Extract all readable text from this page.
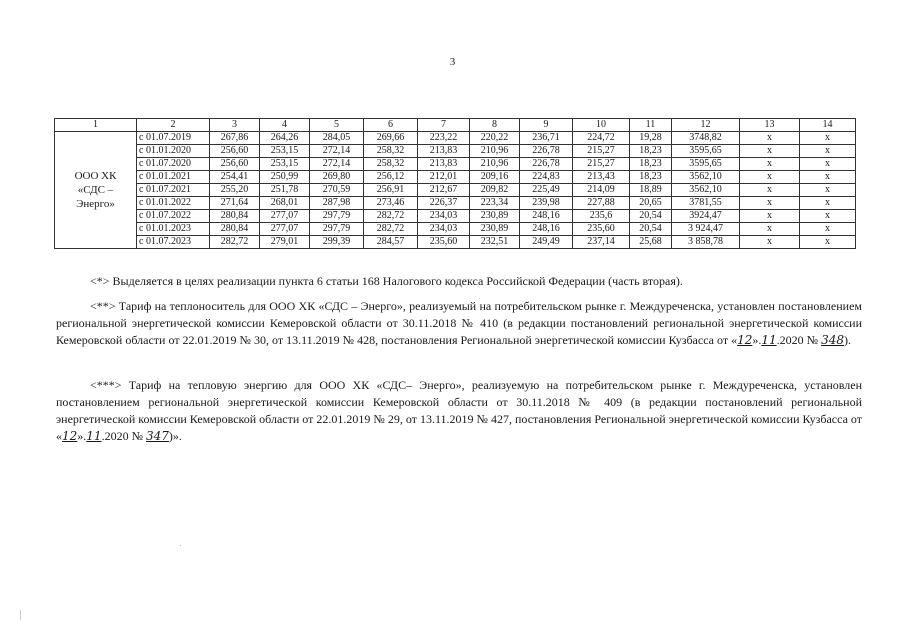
3
1	2	3	4	5	6	7	8	9	10	11	12	13	14

ООО ХК
«СДС –
Энерго»	с 01.07.2019	267,86	264,26	284,05	269,66	223,22	220,22	236,71	224,72	19,28	3748,82	х	х
	с 01.01.2020	256,60	253,15	272,14	258,32	213,83	210,96	226,78	215,27	18,23	3595,65	х	х
	с 01.07.2020	256,60	253,15	272,14	258,32	213,83	210,96	226,78	215,27	18,23	3595,65	х	х
	с 01.01.2021	254,41	250,99	269,80	256,12	212,01	209,16	224,83	213,43	18,23	3562,10	х	х
	с 01.07.2021	255,20	251,78	270,59	256,91	212,67	209,82	225,49	214,09	18,89	3562,10	х	х
	с 01.01.2022	271,64	268,01	287,98	273,46	226,37	223,34	239,98	227,88	20,65	3781,55	х	х
	с 01.07.2022	280,84	277,07	297,79	282,72	234,03	230,89	248,16	235,6	20,54	3924,47	х	х
	с 01.01.2023	280,84	277,07	297,79	282,72	234,03	230,89	248,16	235,60	20,54	3 924,47	х	х
	с 01.07.2023	282,72	279,01	299,39	284,57	235,60	232,51	249,49	237,14	25,68	3 858,78	х	х

<*> Выделяется в целях реализации пункта 6 статьи 168 Налогового кодекса Российской Федерации (часть вторая).

<**> Тариф на теплоноситель для ООО ХК «СДС – Энерго», реализуемый на потребительском рынке г. Междуреченска, установлен постановлением региональной энергетической комиссии Кемеровской области от 30.11.2018 № 410 (в редакции постановлений региональной энергетической комиссии Кемеровской области от 22.01.2019 № 30, от 13.11.2019 № 428, постановления Региональной энергетической комиссии Кузбасса от «12».11.2020 № 348).

<***> Тариф на тепловую энергию для ООО ХК «СДС– Энерго», реализуемую на потребительском рынке г. Междуреченска, установлен постановлением региональной энергетической комиссии Кемеровской области от 30.11.2018 № 409 (в редакции постановлений региональной энергетической комиссии Кемеровской области от 22.01.2019 № 29, от 13.11.2019 № 427, постановления Региональной энергетической комиссии Кузбасса от «12».11.2020 № 347)».
